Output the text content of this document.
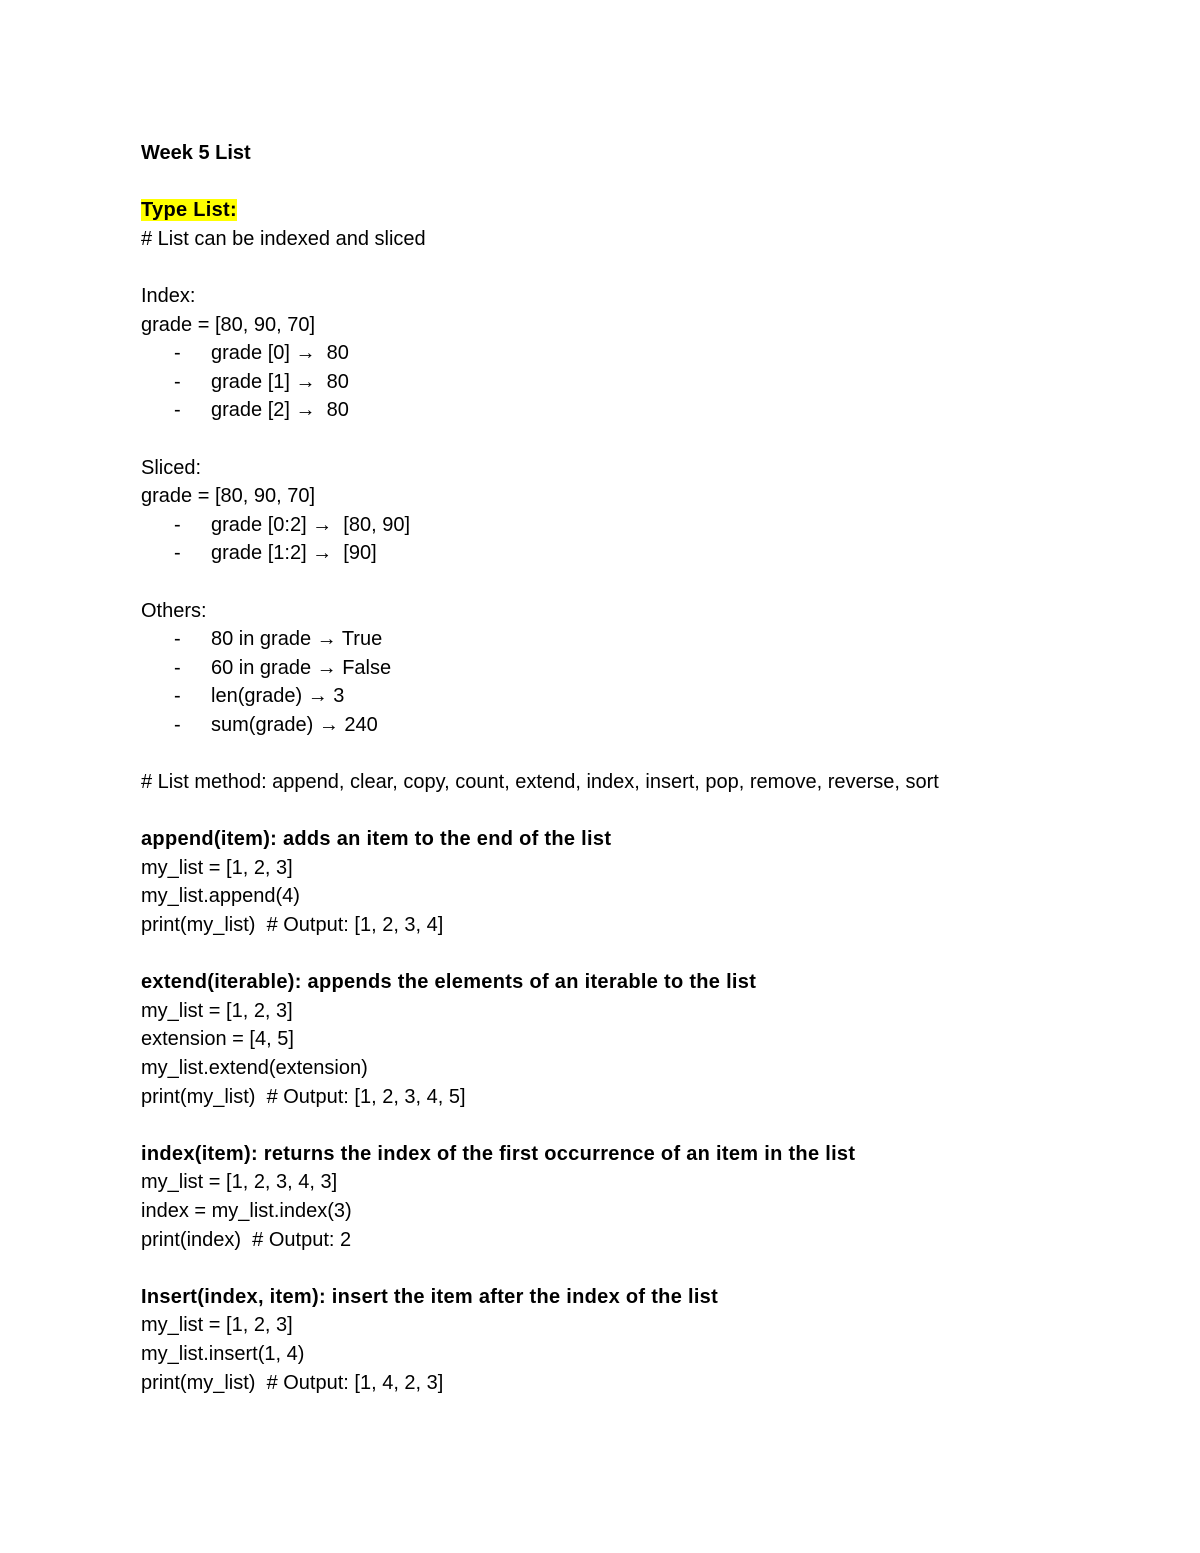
Week 5 List
Type List:
# List can be indexed and sliced
Index:
grade = [80, 90, 70]
- grade [0] →  80
- grade [1] →  80
- grade [2] →  80
Sliced:
grade = [80, 90, 70]
- grade [0:2] →  [80, 90]
- grade [1:2] →  [90]
Others:
- 80 in grade → True
- 60 in grade → False
- len(grade) → 3
- sum(grade) → 240
# List method: append, clear, copy, count, extend, index, insert, pop, remove, reverse, sort
append(item): adds an item to the end of the list
my_list = [1, 2, 3]
my_list.append(4)
print(my_list)  # Output: [1, 2, 3, 4]
extend(iterable): appends the elements of an iterable to the list
my_list = [1, 2, 3]
extension = [4, 5]
my_list.extend(extension)
print(my_list)  # Output: [1, 2, 3, 4, 5]
index(item): returns the index of the first occurrence of an item in the list
my_list = [1, 2, 3, 4, 3]
index = my_list.index(3)
print(index)  # Output: 2
Insert(index, item): insert the item after the index of the list
my_list = [1, 2, 3]
my_list.insert(1, 4)
print(my_list)  # Output: [1, 4, 2, 3]
